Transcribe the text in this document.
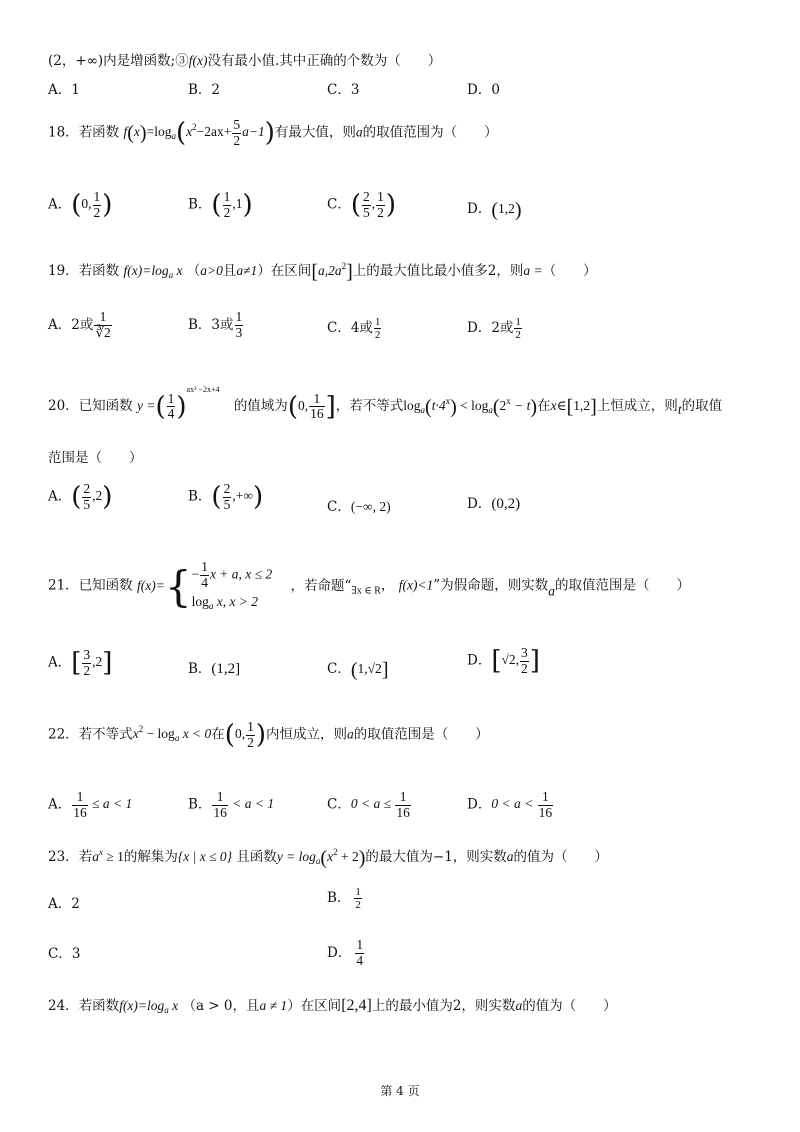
(2，+∞)内是增函数;③f(x)没有最小值.其中正确的个数为（　　）
A．1	B．2	C．3	D．0
18．若函数 $f(x)=\log_a(x^2-2ax+ \frac{5}{2} a-1)$有最大值，则a的取值范围为（　　）
A．(0, $\frac{1}{2}$ )	B．( $\frac{1}{2} ,1$)	C．( $\frac{2}{5}$ , $\frac{1}{2}$ )	D．(1,2)
19．若函数 $f(x)=\log_a$ x （a>0且a≠1）在区间$[a,2a^2]$上的最大值比最小值多2，则a =（　　）
A．2或 $\frac{1}{∛2}$	B．3或 $\frac{1}{3}$	C．4或 $\frac{1}{2}$	D．2或 $\frac{1}{2}$
20．已知函数 y =( $\frac{1}{4} )^{ax^2 -2x+4}$ 的值域为(0, $\frac{1}{16}$ ]，若不等式$\log_a(t\cdot 4^x) < \log_a(2^x - t)$在x∈[1,2]上恒成立，则t的取值
范围是（　　）
A．( $\frac{2}{5} ,2$)	B．( $\frac{2}{5}$ ,+∞)	C．(−∞, 2)	D．(0,2)
21．已知函数 $f(x)=\{ - \frac{1}{4}$ x + a, x ≤ 2
$\log_a x$, x > 2
，若命题“$_{\exists x \in R}$， f(x)<1”为假命题，则实数a的取值范围是（　　）
A．[ $\frac{3}{2} ,2$]	B．(1,2]	C．(1,√2]	D．[√2, $\frac{3}{2}$ ]
22．若不等式$x^2 - \log_a x < 0$在(0, $\frac{1}{2}$ )内恒成立，则a的取值范围是（　　）
A． $\frac{1}{16} \le a < 1$	B． $\frac{1}{16} < a < 1$	C．$0 < a \le \frac{1}{16}$	D．$0 < a < \frac{1}{16}$
23．若$a^x \ge 1$的解集为{x | x ≤ 0} 且函数$y = \log_a(x^2 + 2)$的最大值为−1，则实数a的值为（　　）
A．2	B． $\frac{1}{2}$
C．3	D． $\frac{1}{4}$
24．若函数$f(x)=\log_a$ x （a > 0，且a ≠ 1）在区间[2,4]上的最小值为2，则实数a的值为（　　）
第 4 页
